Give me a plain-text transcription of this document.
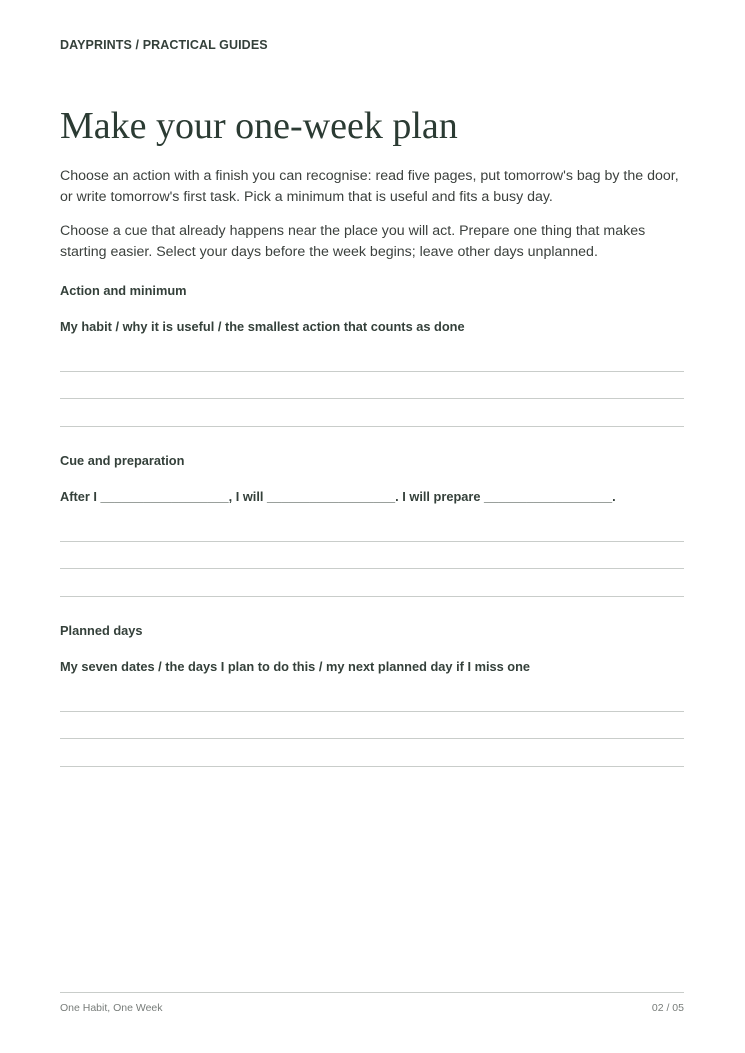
DAYPRINTS / PRACTICAL GUIDES
Make your one-week plan

Choose an action with a finish you can recognise: read five pages, put tomorrow's bag by the door, or write tomorrow's first task. Pick a minimum that is useful and fits a busy day.

Choose a cue that already happens near the place you will act. Prepare one thing that makes starting easier. Select your days before the week begins; leave other days unplanned.

Action and minimum
My habit / why it is useful / the smallest action that counts as done
Cue and preparation
After I __________________, I will __________________. I will prepare __________________.
Planned days
My seven dates / the days I plan to do this / my next planned day if I miss one
One Habit, One Week	02 / 05
